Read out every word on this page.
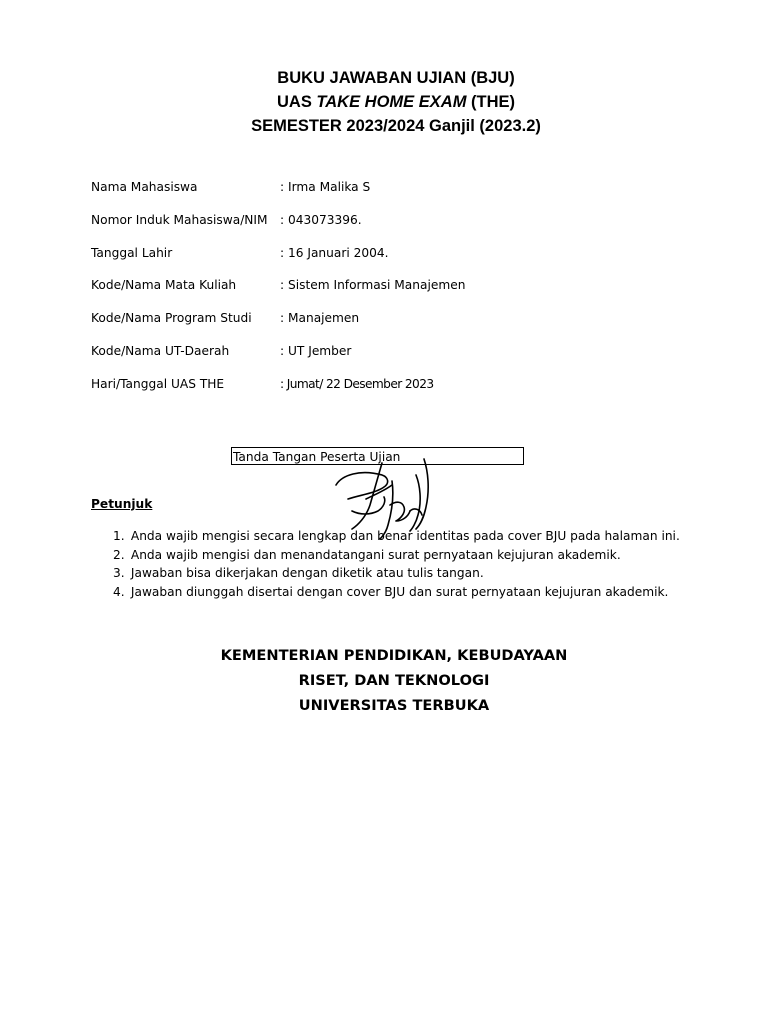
BUKU JAWABAN UJIAN (BJU)
UAS TAKE HOME EXAM (THE)
SEMESTER 2023/2024 Ganjil (2023.2)
Nama Mahasiswa	: Irma Malika S
Nomor Induk Mahasiswa/NIM	: 043073396.
Tanggal Lahir	: 16 Januari 2004.
Kode/Nama Mata Kuliah	: Sistem Informasi Manajemen
Kode/Nama Program Studi	: Manajemen
Kode/Nama UT-Daerah	: UT Jember
Hari/Tanggal UAS THE	: Jumat/ 22 Desember 2023
Tanda Tangan Peserta Ujian
Petunjuk
1. Anda wajib mengisi secara lengkap dan benar identitas pada cover BJU pada halaman ini.
2. Anda wajib mengisi dan menandatangani surat pernyataan kejujuran akademik.
3. Jawaban bisa dikerjakan dengan diketik atau tulis tangan.
4. Jawaban diunggah disertai dengan cover BJU dan surat pernyataan kejujuran akademik.
KEMENTERIAN PENDIDIKAN, KEBUDAYAAN
RISET, DAN TEKNOLOGI
UNIVERSITAS TERBUKA
